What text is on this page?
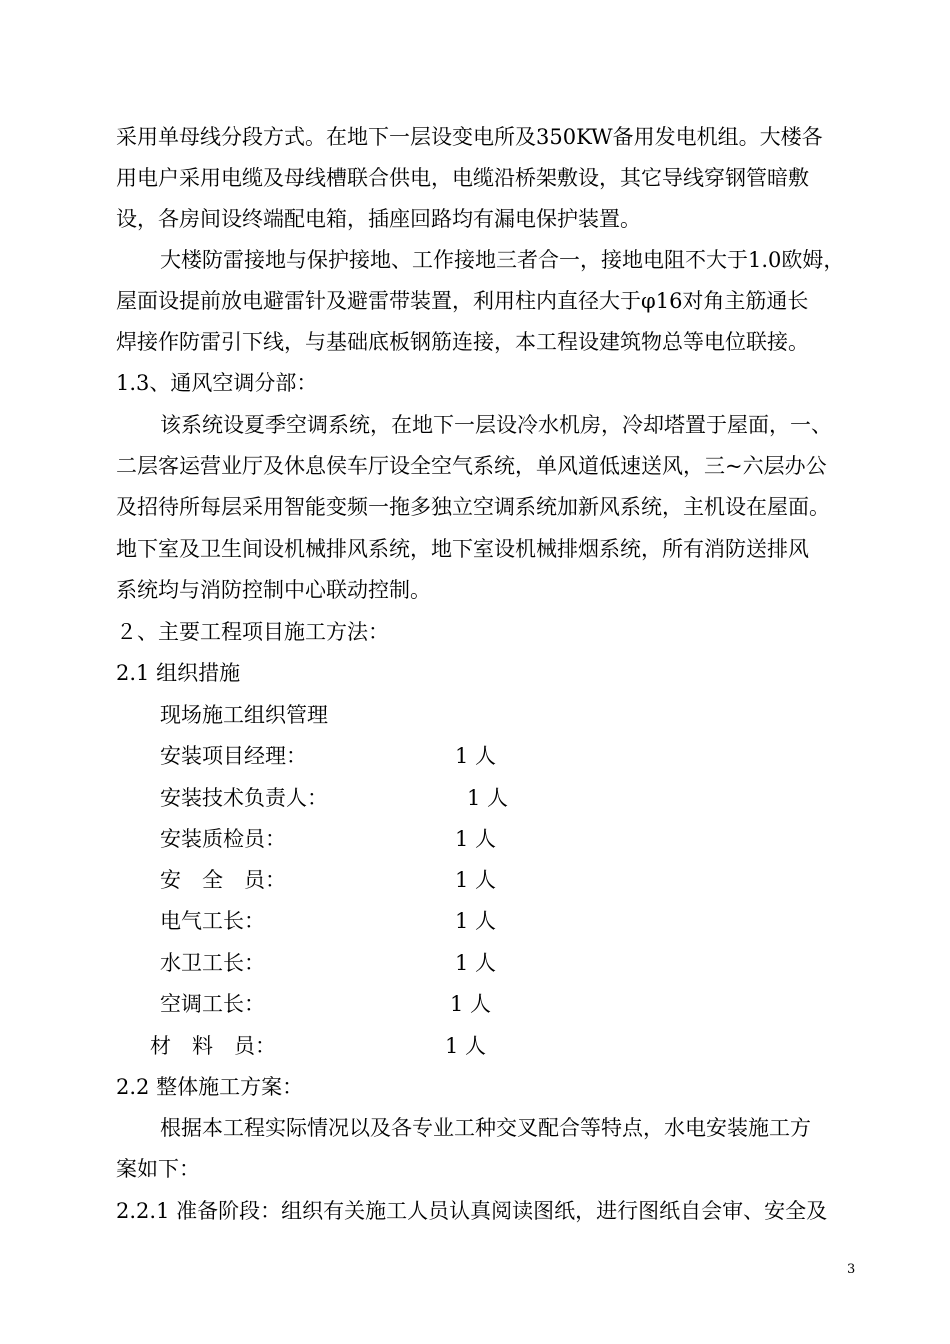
采用单母线分段方式。在地下一层设变电所及350KW备用发电机组。大楼各
用电户采用电缆及母线槽联合供电，电缆沿桥架敷设，其它导线穿钢管暗敷
设，各房间设终端配电箱，插座回路均有漏电保护装置。
大楼防雷接地与保护接地、工作接地三者合一，接地电阻不大于1.0欧姆，
屋面设提前放电避雷针及避雷带装置，利用柱内直径大于φ16对角主筋通长
焊接作防雷引下线，与基础底板钢筋连接，本工程设建筑物总等电位联接。
1.3、通风空调分部：
该系统设夏季空调系统，在地下一层设冷水机房，冷却塔置于屋面，一、
二层客运营业厅及休息侯车厅设全空气系统，单风道低速送风，三~六层办公
及招待所每层采用智能变频一拖多独立空调系统加新风系统，主机设在屋面。
地下室及卫生间设机械排风系统，地下室设机械排烟系统，所有消防送排风
系统均与消防控制中心联动控制。
２、主要工程项目施工方法：
2.1 组织措施
现场施工组织管理
安装项目经理：	1 人
安装技术负责人：	1 人
安装质检员：	1 人
安　全　员：	1 人
电气工长：	1 人
水卫工长：	1 人
空调工长：	1 人
材　料　员：	1 人
2.2 整体施工方案：
根据本工程实际情况以及各专业工种交叉配合等特点，水电安装施工方
案如下：
2.2.1 准备阶段：组织有关施工人员认真阅读图纸，进行图纸自会审、安全及
3
